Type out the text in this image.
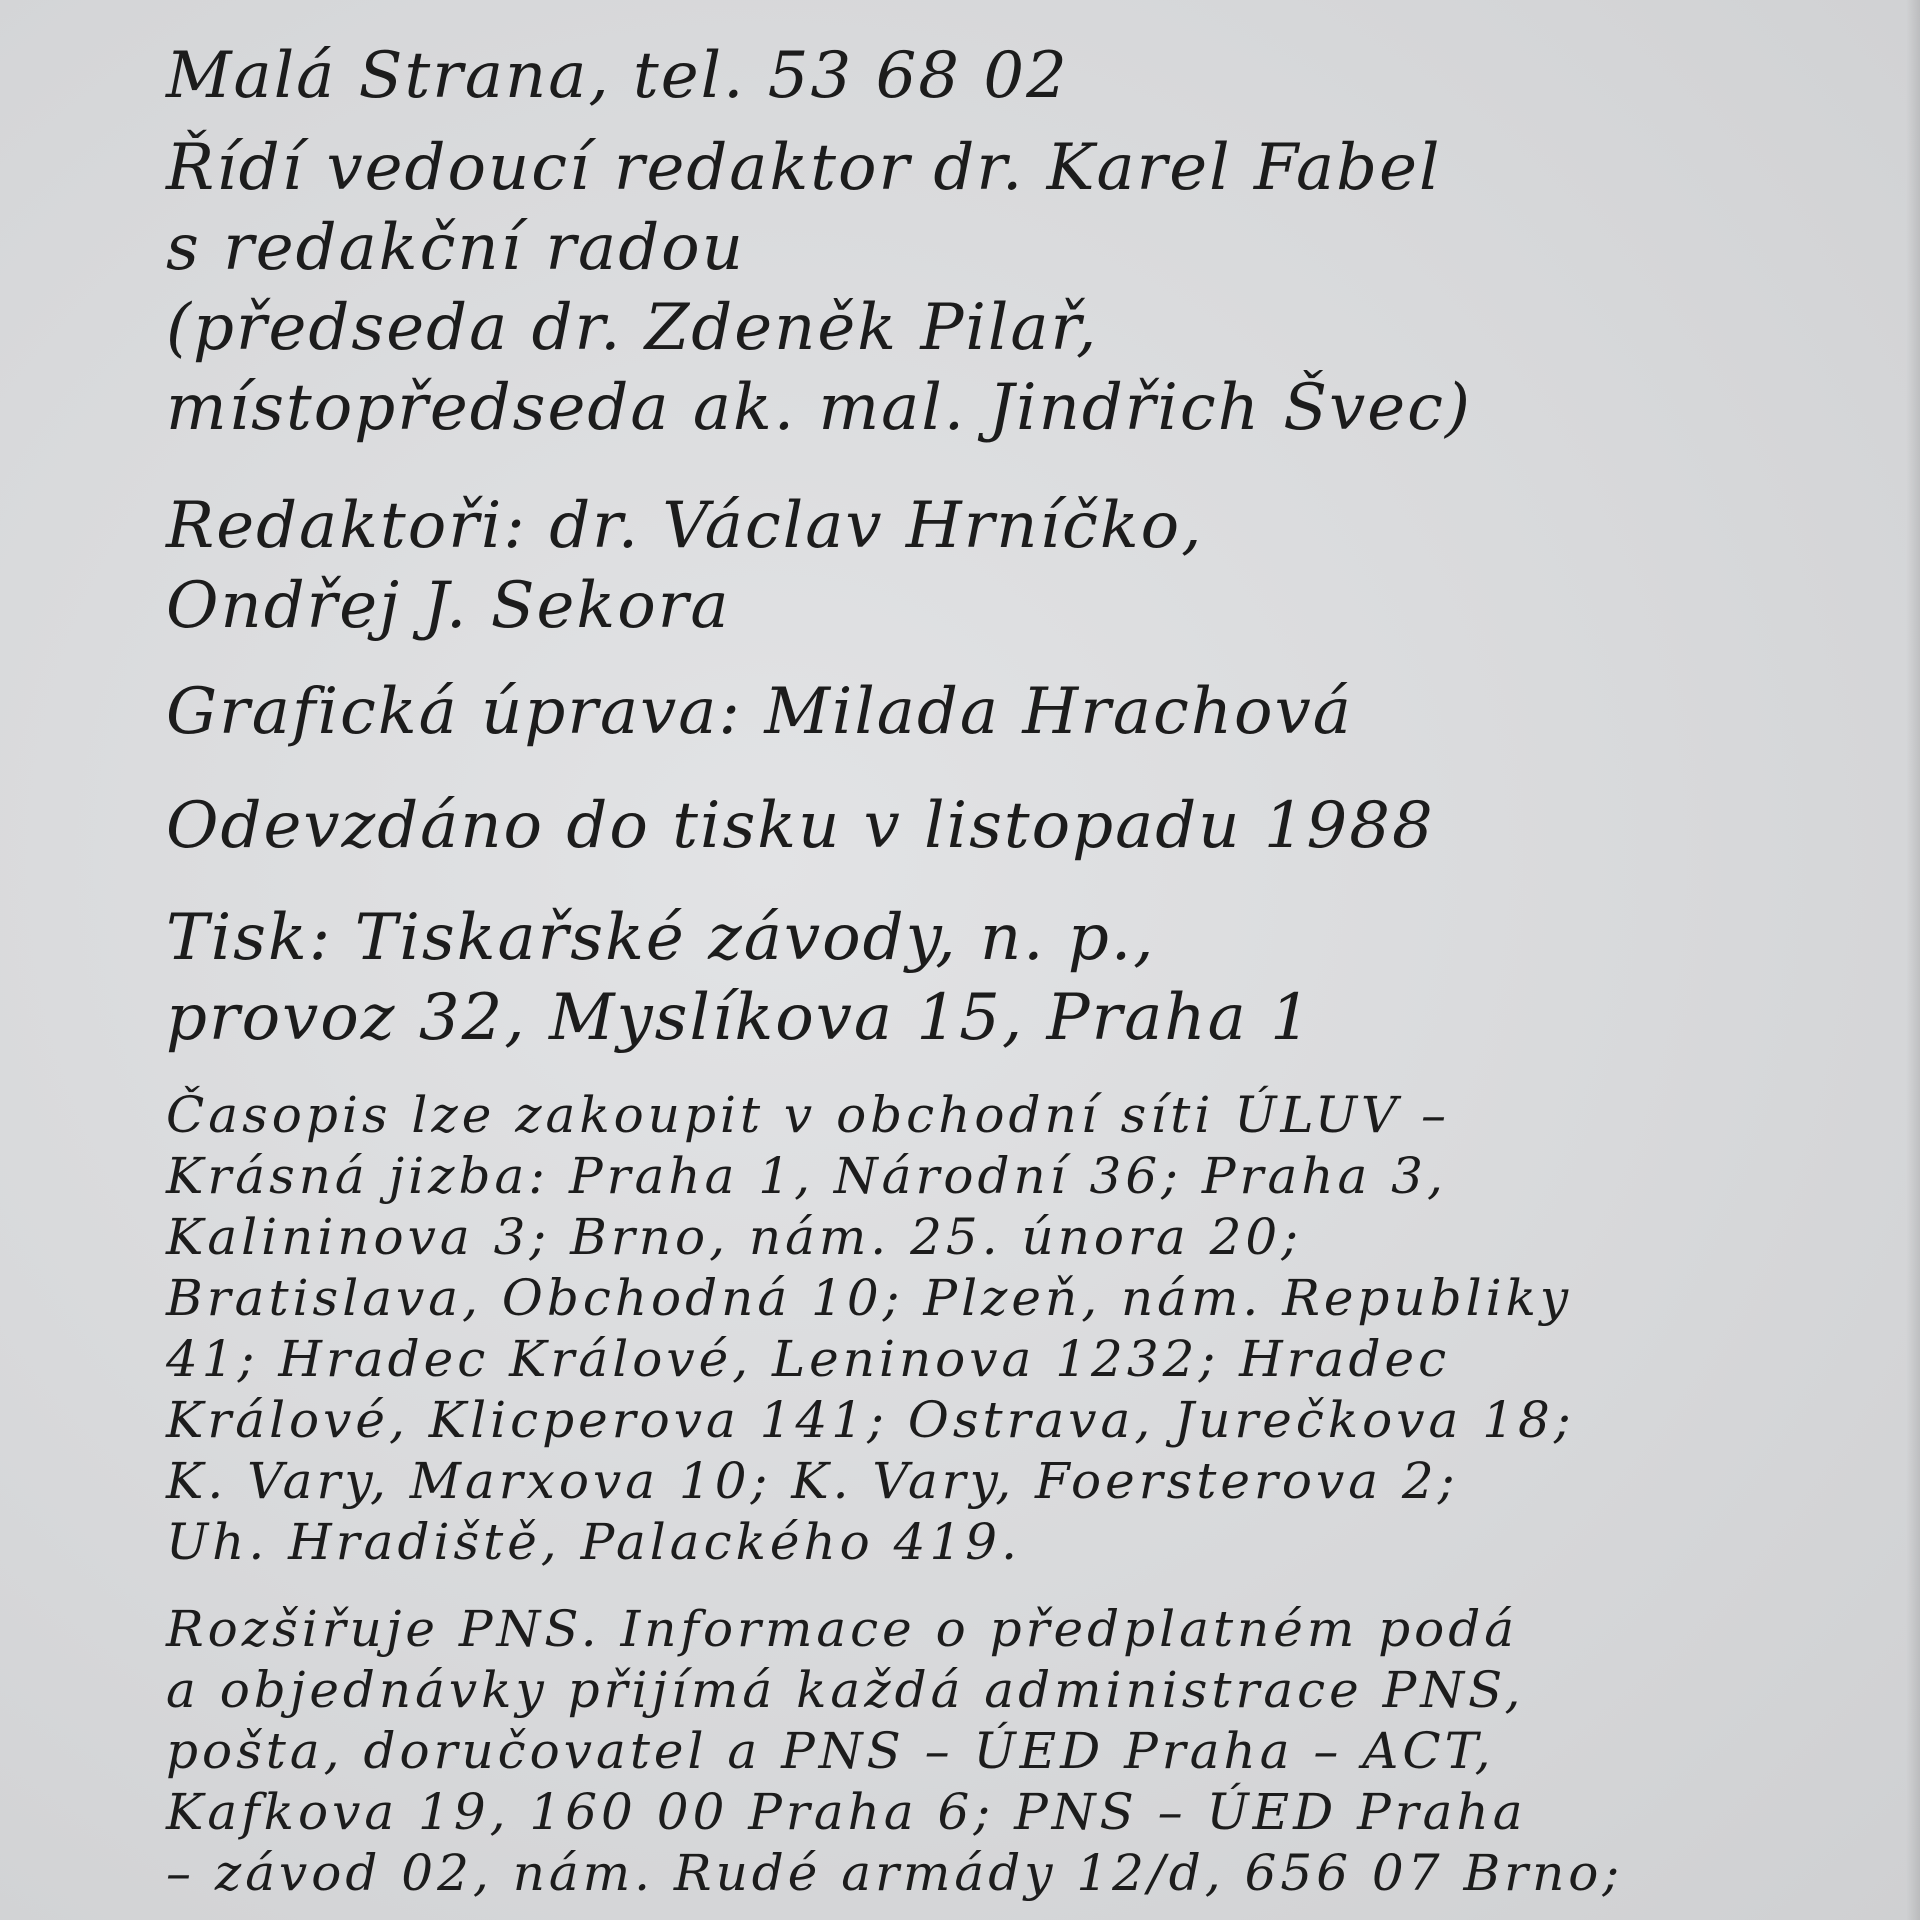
Malá Strana, tel. 53 68 02
Řídí vedoucí redaktor dr. Karel Fabel
s redakční radou
(předseda dr. Zdeněk Pilař,
místopředseda ak. mal. Jindřich Švec)
Redaktoři: dr. Václav Hrníčko,
Ondřej J. Sekora
Grafická úprava: Milada Hrachová
Odevzdáno do tisku v listopadu 1988
Tisk: Tiskařské závody, n. p.,
provoz 32, Myslíkova 15, Praha 1
Časopis lze zakoupit v obchodní síti ÚLUV –
Krásná jizba: Praha 1, Národní 36; Praha 3,
Kalininova 3; Brno, nám. 25. února 20;
Bratislava, Obchodná 10; Plzeň, nám. Republiky
41; Hradec Králové, Leninova 1232; Hradec
Králové, Klicperova 141; Ostrava, Jurečkova 18;
K. Vary, Marxova 10; K. Vary, Foersterova 2;
Uh. Hradiště, Palackého 419.
Rozšiřuje PNS. Informace o předplatném podá
a objednávky přijímá každá administrace PNS,
pošta, doručovatel a PNS – ÚED Praha – ACT,
Kafkova 19, 160 00 Praha 6; PNS – ÚED Praha
– závod 02, nám. Rudé armády 12/d, 656 07 Brno;
